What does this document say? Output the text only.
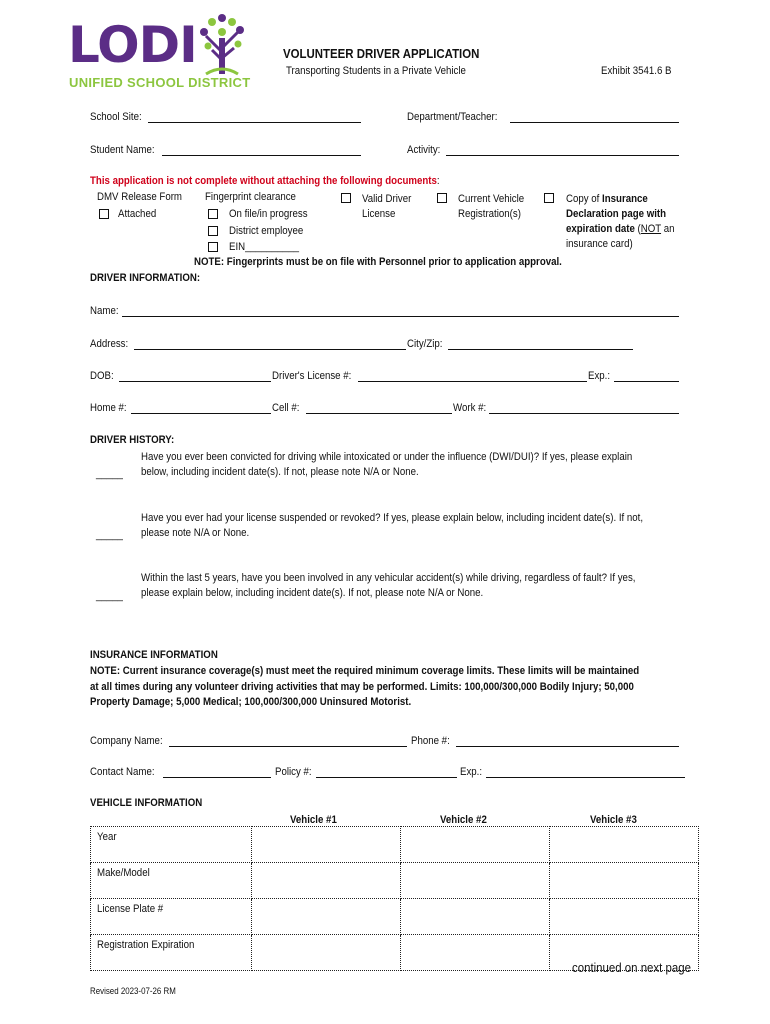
LODI
UNIFIED SCHOOL DISTRICT
VOLUNTEER DRIVER APPLICATION
Transporting Students in a Private Vehicle	Exhibit 3541.6 B
School Site:	Department/Teacher:
Student Name:	Activity:
This application is not complete without attaching the following documents:
DMV Release Form
Attached
Fingerprint clearance
On file/in progress
District employee
EIN__________
Valid Driver
License
Current Vehicle
Registration(s)
Copy of Insurance
Declaration page with
expiration date (NOT an
insurance card)
NOTE: Fingerprints must be on file with Personnel prior to application approval.
DRIVER INFORMATION:
Name:
Address:	City/Zip:
DOB:	Driver's License #:	Exp.:
Home #:	Cell #:	Work #:
DRIVER HISTORY:
Have you ever been convicted for driving while intoxicated or under the influence (DWI/DUI)? If yes, please explain
below, including incident date(s). If not, please note N/A or None.
_____
Have you ever had your license suspended or revoked? If yes, please explain below, including incident date(s). If not,
please note N/A or None.
_____
Within the last 5 years, have you been involved in any vehicular accident(s) while driving, regardless of fault? If yes,
please explain below, including incident date(s). If not, please note N/A or None.
_____
INSURANCE INFORMATION
NOTE: Current insurance coverage(s) must meet the required minimum coverage limits. These limits will be maintained
at all times during any volunteer driving activities that may be performed. Limits: 100,000/300,000 Bodily Injury; 50,000
Property Damage; 5,000 Medical; 100,000/300,000 Uninsured Motorist.
Company Name:	Phone #:
Contact Name:	Policy #:	Exp.:
VEHICLE INFORMATION
Vehicle #1	Vehicle #2	Vehicle #3
Year			
Make/Model			
License Plate #			
Registration Expiration			
continued on next page
Revised 2023-07-26 RM
